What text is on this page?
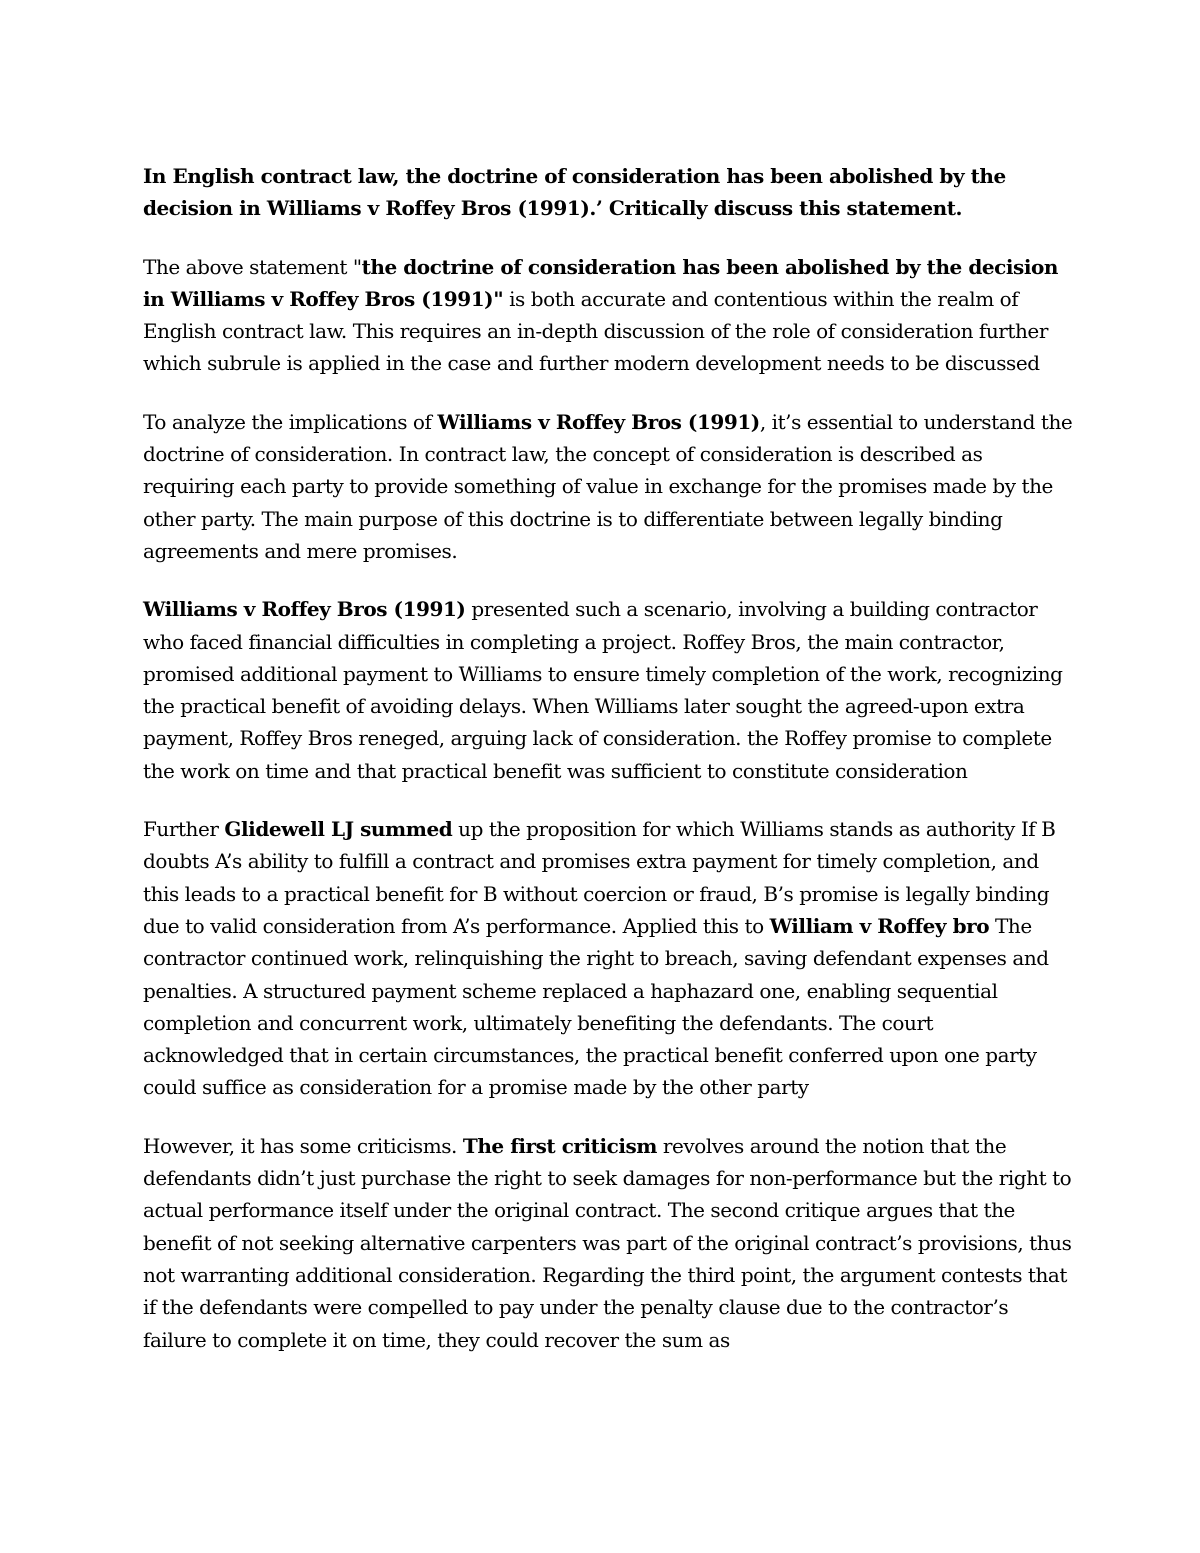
In English contract law, the doctrine of consideration has been abolished by the decision in Williams v Roffey Bros (1991).’ Critically discuss this statement.

The above statement "the doctrine of consideration has been abolished by the decision in Williams v Roffey Bros (1991)" is both accurate and contentious within the realm of English contract law. This requires an in-depth discussion of the role of consideration further which subrule is applied in the case and further modern development needs to be discussed

To analyze the implications of Williams v Roffey Bros (1991), it’s essential to understand the doctrine of consideration. In contract law, the concept of consideration is described as requiring each party to provide something of value in exchange for the promises made by the other party. The main purpose of this doctrine is to differentiate between legally binding agreements and mere promises.

Williams v Roffey Bros (1991) presented such a scenario, involving a building contractor who faced financial difficulties in completing a project. Roffey Bros, the main contractor, promised additional payment to Williams to ensure timely completion of the work, recognizing the practical benefit of avoiding delays. When Williams later sought the agreed-upon extra payment, Roffey Bros reneged, arguing lack of consideration. the Roffey promise to complete the work on time and that practical benefit was sufficient to constitute consideration

Further Glidewell LJ summed up the proposition for which Williams stands as authority If B doubts A’s ability to fulfill a contract and promises extra payment for timely completion, and this leads to a practical benefit for B without coercion or fraud, B’s promise is legally binding due to valid consideration from A’s performance. Applied this to William v Roffey bro The contractor continued work, relinquishing the right to breach, saving defendant expenses and penalties. A structured payment scheme replaced a haphazard one, enabling sequential completion and concurrent work, ultimately benefiting the defendants. The court acknowledged that in certain circumstances, the practical benefit conferred upon one party could suffice as consideration for a promise made by the other party

However, it has some criticisms. The first criticism revolves around the notion that the defendants didn’t just purchase the right to seek damages for non-performance but the right to actual performance itself under the original contract. The second critique argues that the benefit of not seeking alternative carpenters was part of the original contract’s provisions, thus not warranting additional consideration. Regarding the third point, the argument contests that if the defendants were compelled to pay under the penalty clause due to the contractor’s failure to complete it on time, they could recover the sum as
